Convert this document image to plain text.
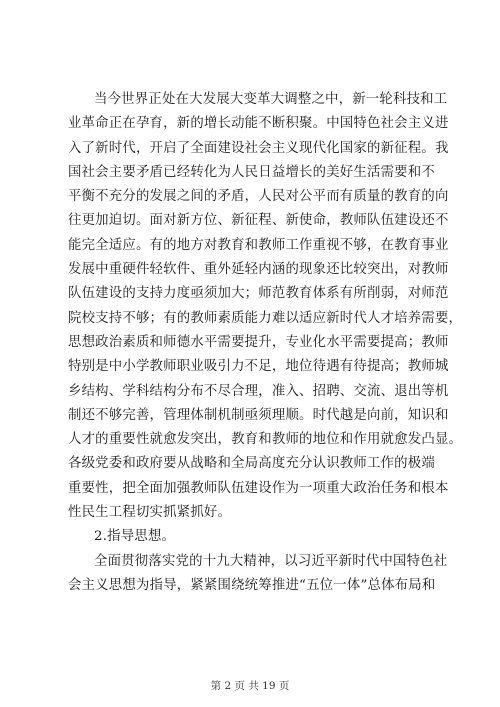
当今世界正处在大发展大变革大调整之中，新一轮科技和工
业革命正在孕育，新的增长动能不断积聚。中国特色社会主义进
入了新时代，开启了全面建设社会主义现代化国家的新征程。我
国社会主要矛盾已经转化为人民日益增长的美好生活需要和不
平衡不充分的发展之间的矛盾，人民对公平而有质量的教育的向
往更加迫切。面对新方位、新征程、新使命，教师队伍建设还不
能完全适应。有的地方对教育和教师工作重视不够，在教育事业
发展中重硬件轻软件、重外延轻内涵的现象还比较突出，对教师
队伍建设的支持力度亟须加大；师范教育体系有所削弱，对师范
院校支持不够；有的教师素质能力难以适应新时代人才培养需要，
思想政治素质和师德水平需要提升，专业化水平需要提高；教师
特别是中小学教师职业吸引力不足，地位待遇有待提高；教师城
乡结构、学科结构分布不尽合理，准入、招聘、交流、退出等机
制还不够完善，管理体制机制亟须理顺。时代越是向前，知识和
人才的重要性就愈发突出，教育和教师的地位和作用就愈发凸显。
各级党委和政府要从战略和全局高度充分认识教师工作的极端
重要性，把全面加强教师队伍建设作为一项重大政治任务和根本
性民生工程切实抓紧抓好。
2.指导思想。
全面贯彻落实党的十九大精神，以习近平新时代中国特色社
会主义思想为指导，紧紧围绕统筹推进“五位一体”总体布局和
第 2 页 共 19 页
